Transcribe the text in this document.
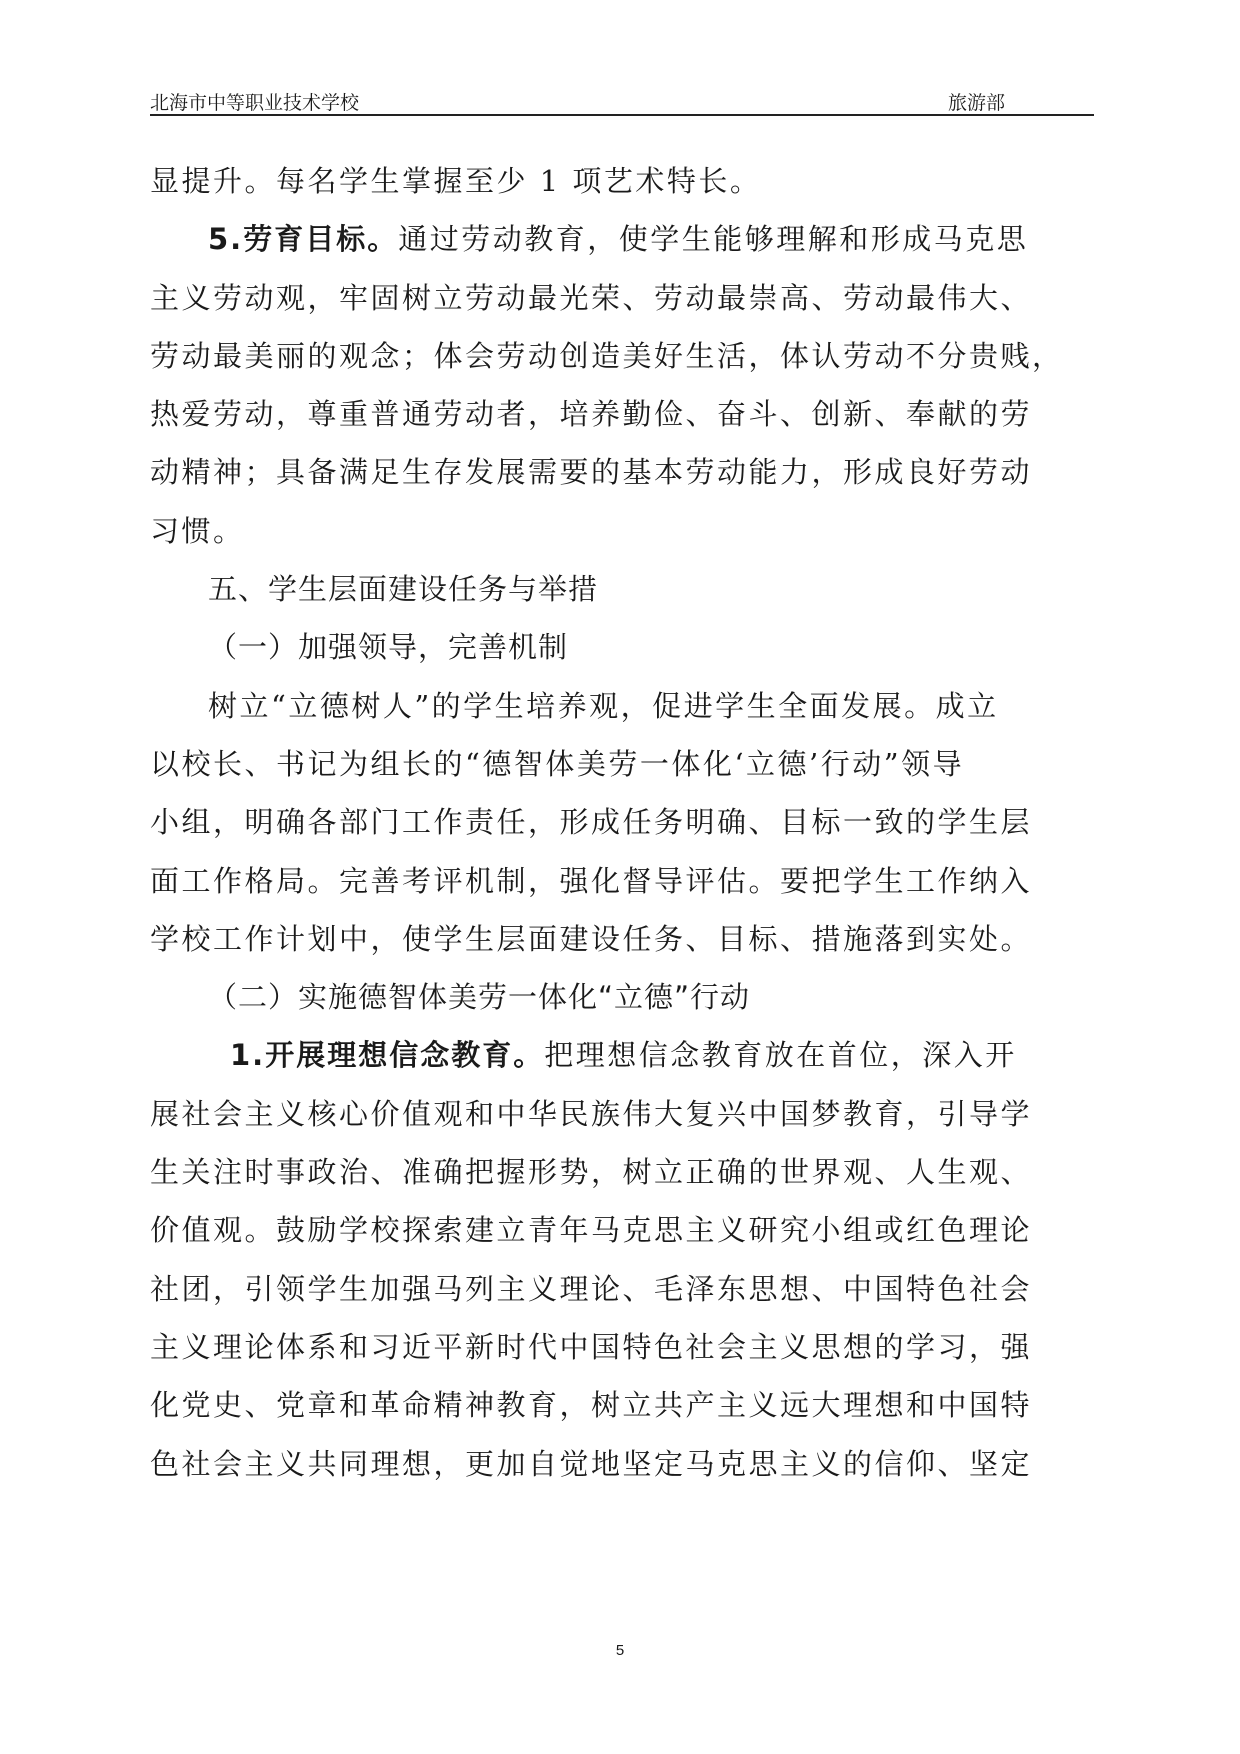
北海市中等职业技术学校	旅游部

显提升。每名学生掌握至少 1 项艺术特长。

5.劳育目标。通过劳动教育，使学生能够理解和形成马克思

主义劳动观，牢固树立劳动最光荣、劳动最崇高、劳动最伟大、

劳动最美丽的观念；体会劳动创造美好生活，体认劳动不分贵贱，

热爱劳动，尊重普通劳动者，培养勤俭、奋斗、创新、奉献的劳

动精神；具备满足生存发展需要的基本劳动能力，形成良好劳动

习惯。

五、学生层面建设任务与举措

（一）加强领导，完善机制

树立“立德树人”的学生培养观，促进学生全面发展。成立

以校长、书记为组长的“德智体美劳一体化‘立德’行动”领导

小组，明确各部门工作责任，形成任务明确、目标一致的学生层

面工作格局。完善考评机制，强化督导评估。要把学生工作纳入

学校工作计划中，使学生层面建设任务、目标、措施落到实处。

（二）实施德智体美劳一体化“立德”行动

1.开展理想信念教育。把理想信念教育放在首位，深入开

展社会主义核心价值观和中华民族伟大复兴中国梦教育，引导学

生关注时事政治、准确把握形势，树立正确的世界观、人生观、

价值观。鼓励学校探索建立青年马克思主义研究小组或红色理论

社团，引领学生加强马列主义理论、毛泽东思想、中国特色社会

主义理论体系和习近平新时代中国特色社会主义思想的学习，强

化党史、党章和革命精神教育，树立共产主义远大理想和中国特

色社会主义共同理想，更加自觉地坚定马克思主义的信仰、坚定

5
